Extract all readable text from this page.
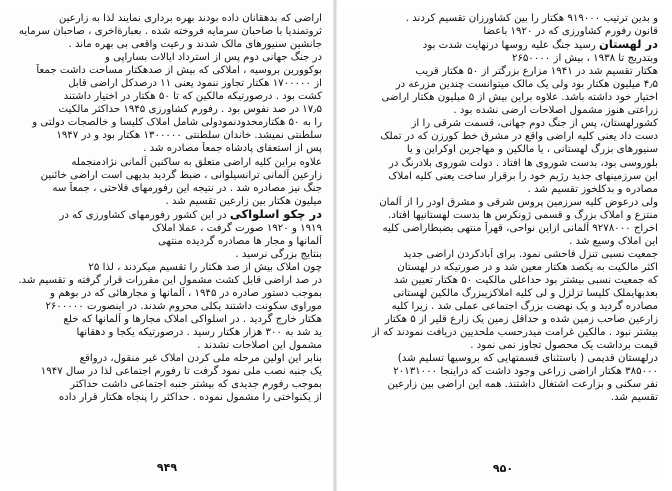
اراضی که بدهقانان داده بودند بهره برداری نمایند لذا به زارعین
ثروتمندیا با صاحبان سرمایه فروخته شده . بعبارةاخری ، صاحبان سرمایه
جانشین سنیورهای مالک شدند و رعیت واقعی بی بهره ماند .
در جنگ جهانی دوم پس از استرداد ایالات بساراپی و
بوکوورین بروسیه ، املاکی که بیش از صدهکتار مساحت داشت جمعاً
از ۱۷۰۰۰۰۰ هکتار تجاوز ننمود یعنی ۱۱ درصدکل اراضی قابل
کشت بود . درصورتیکه مالکین که تا ۵۰ هکتار در اختیار داشتند
۱۷٫۵ در صد نفوس بود . رفورم کشاورزی ۱۹۴۵ حداکثر مالکیت
را به ۵۰ هکتارمحدودنمودولی شامل املاک کلیسا و خالصجات دولتی و
سلطنتی نمیشد. خاندان سلطنتی ۱۳۰۰۰۰۰ هکتار بود و در ۱۹۴۷
پس از استعفای پادشاه جمعاً مصادره شد .
علاوه براین کلیه اراضی متعلق به ساکنین آلمانی نژادمنجمله
زارعین آلمانی ترانسیلوانی ، ضبط گردید بدیهی است اراضی خائنین
جنگ نیز مصادره شد . در نتیجه این رفورمهای فلاحتی ، جمعاً سه
میلیون هکتار بین زارعین تقسیم شد .
در چکو اسلواکی در این کشور رفورمهای کشاورزی که در
۱۹۱۹ و ۱۹۲۰ صورت گرفت ، عملا املاک
آلمانها و مجار ها مصادره گردیده منتهی
بنتایج بزرگی نرسید .
چون املاک بیش از صد هکتار را تقسیم میکردند ، لذا ۲۵
در صد اراضی قابل کشت مشمول این مقررات قرار گرفته و تقسیم شد.
بموجب دستور صادره در ۱۹۴۵ ، آلمانها و مجارهائی که در بوهم و
موراوی سکونت داشتند یکلی محروم شدند. در اینصورت ۲۶۰۰۰۰۰
هکتار خارج گردید . در اسلواکی املاک مجارها و آلمانها که خلع
ید شد به ۳۰۰ هزار هکتار رسید . درصورتیکه یکجا و دهقانها
مشمول این اصلاحات نشدند .
بنابر این اولین مرحله ملی کردن املاک غیر منقول، درواقع
یک جنبه نصب ملی نمود گرفت تا رفورم اجتماعی لذا در سال ۱۹۴۷
بموجب رفورم جدیدی که بیشتر جنبه اجتماعی داشت حداکثر
از یکنواختی را مشمول نموده . حداکثر را پنجاه هکتار قرار داده
۹۴۹
و بدین ترتیب ۹۱۹۰۰۰ هکتار را بین کشاورزان تقسیم کردند .
قانون رفورم کشاورزی که در ۱۹۲۰ باعضا
در لهستان رسید جنگ علیه روسها درنهایت شدت بود
وبتدریج تا ۱۹۳۸ ، بیش از ۲۶۵۰۰۰۰
هکتار تقسیم شد در ۱۹۴۱ مزارع بزرگتر از ۵۰ هکتار قریب
۴٫۵ میلیون هکتار بود ولی یک مالک میتوانست چندین مزرعه در
اختیار خود داشته باشد. علاوه براین بیش از ۵ میلیون هکتار اراضی
زراعتی هنوز مشمول اصلاحات ارضی نشده بود .
کشورلهستان، پس از جنگ دوم جهانی، قسمت شرقی را از
دست داد یعنی کلیه اراضی واقع در مشرق خط کورزن که در تملک
سنیورهای بزرگ لهستانی ، یا مالکین و مهاجرین اوکراین و یا
بلوروسی بود، بدست شوروی ها افتاد . دولت شوروی بلادرنگ در
این سرزمینهای جدید رژیم خود را برقرار ساخت یعنی کلیه املاک
مصادره و بدکلخوز تقسیم شد .
ولی درعوض کلیه سرزمین پروس شرقی و مشرق اودر را از آلمان
منتزع و املاک بزرگ و قسمی ژونکرس ها بدست لهستانیها افتاد.
اخراج ۹۲۷۸۰۰۰ آلمانی ازاین نواحی، قهراً منتهی بضبطاراضی کلیه
این املاک وسیع شد .
جمعیت نسبی تنزل فاحشی نمود. برای آبادکردن اراضی جدید
اکثر مالکیت به یکصد هکتار معین شد و در صورتیکه در لهستان
که جمعیت نسبی بیشتر بود حداعلی مالکیت ۵۰ هکتار تعیین شد
بعدبهایملک کلیسا تزلزل و لی کلیه املاکزیبزرگ مالکین لهستانی
مصادره گردید و یک نهضت بزرگ اجتماعی عملی شد . زیرا کلیه
زارعین صاحب زمین شده و حداقل زمین یک زارع قلیر از ۵ هکتار
بیشتر نبود . مالکین غرامت میدرحسب ملحدیین دریافت نمودند که از
قیمت برداشت یک محصول تجاوز نمی نمود .
درلهستان قدیمی ( باستثنای قسمتهایی که بروسیها تسلیم شد)
۳۸۵۰۰۰ هکتار اراضی زراعی وجود داشت که دراینجا ۲۰۱۳۱۰۰۰
نفر سکنی و بزارعت اشتغال داشتند. همه این اراضی بین زارعین
تقسیم شد.
۹۵۰
